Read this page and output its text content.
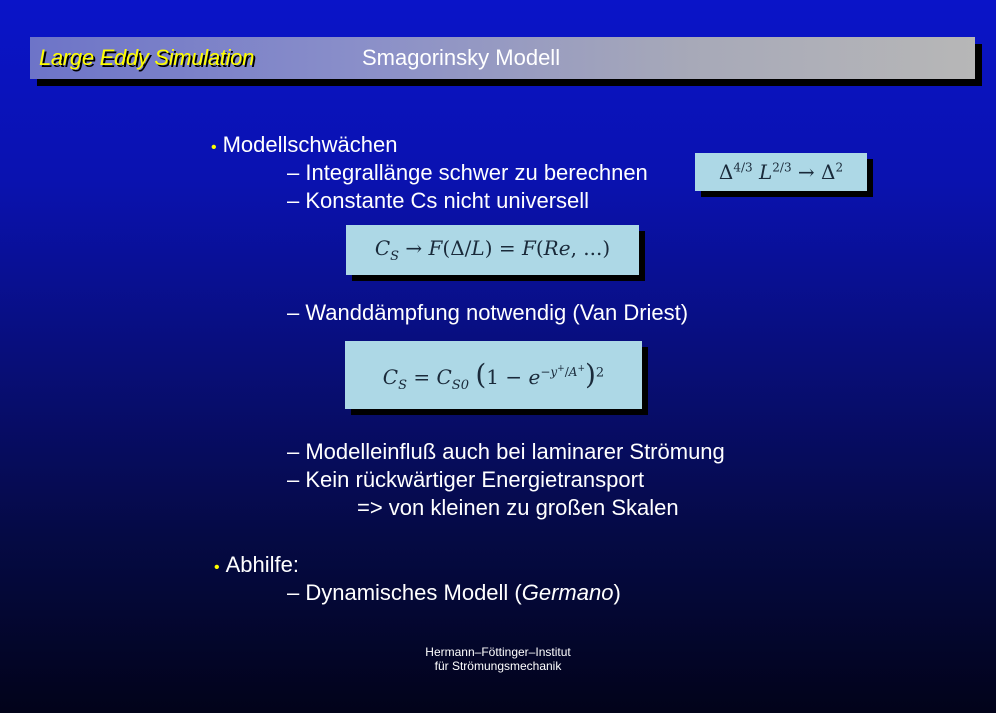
Large Eddy Simulation	Smagorinsky Modell
• Modellschwächen
– Integrallänge schwer zu berechnen
– Konstante Cs nicht universell
$\Delta^{4/3}$ $L^{2/3} \to \Delta^2$
$C_S \to F(\Delta/L) = F(Re$, ...)
– Wanddämpfung notwendig (Van Driest)
$C_S = C_{S0}$ $(1 - e^{-y^+/A^+})^2$
– Modelleinfluß auch bei laminarer Strömung
– Kein rückwärtiger Energietransport
=> von kleinen zu großen Skalen
• Abhilfe:
– Dynamisches Modell (Germano)
Hermann–Föttinger–Institut
für Strömungsmechanik
